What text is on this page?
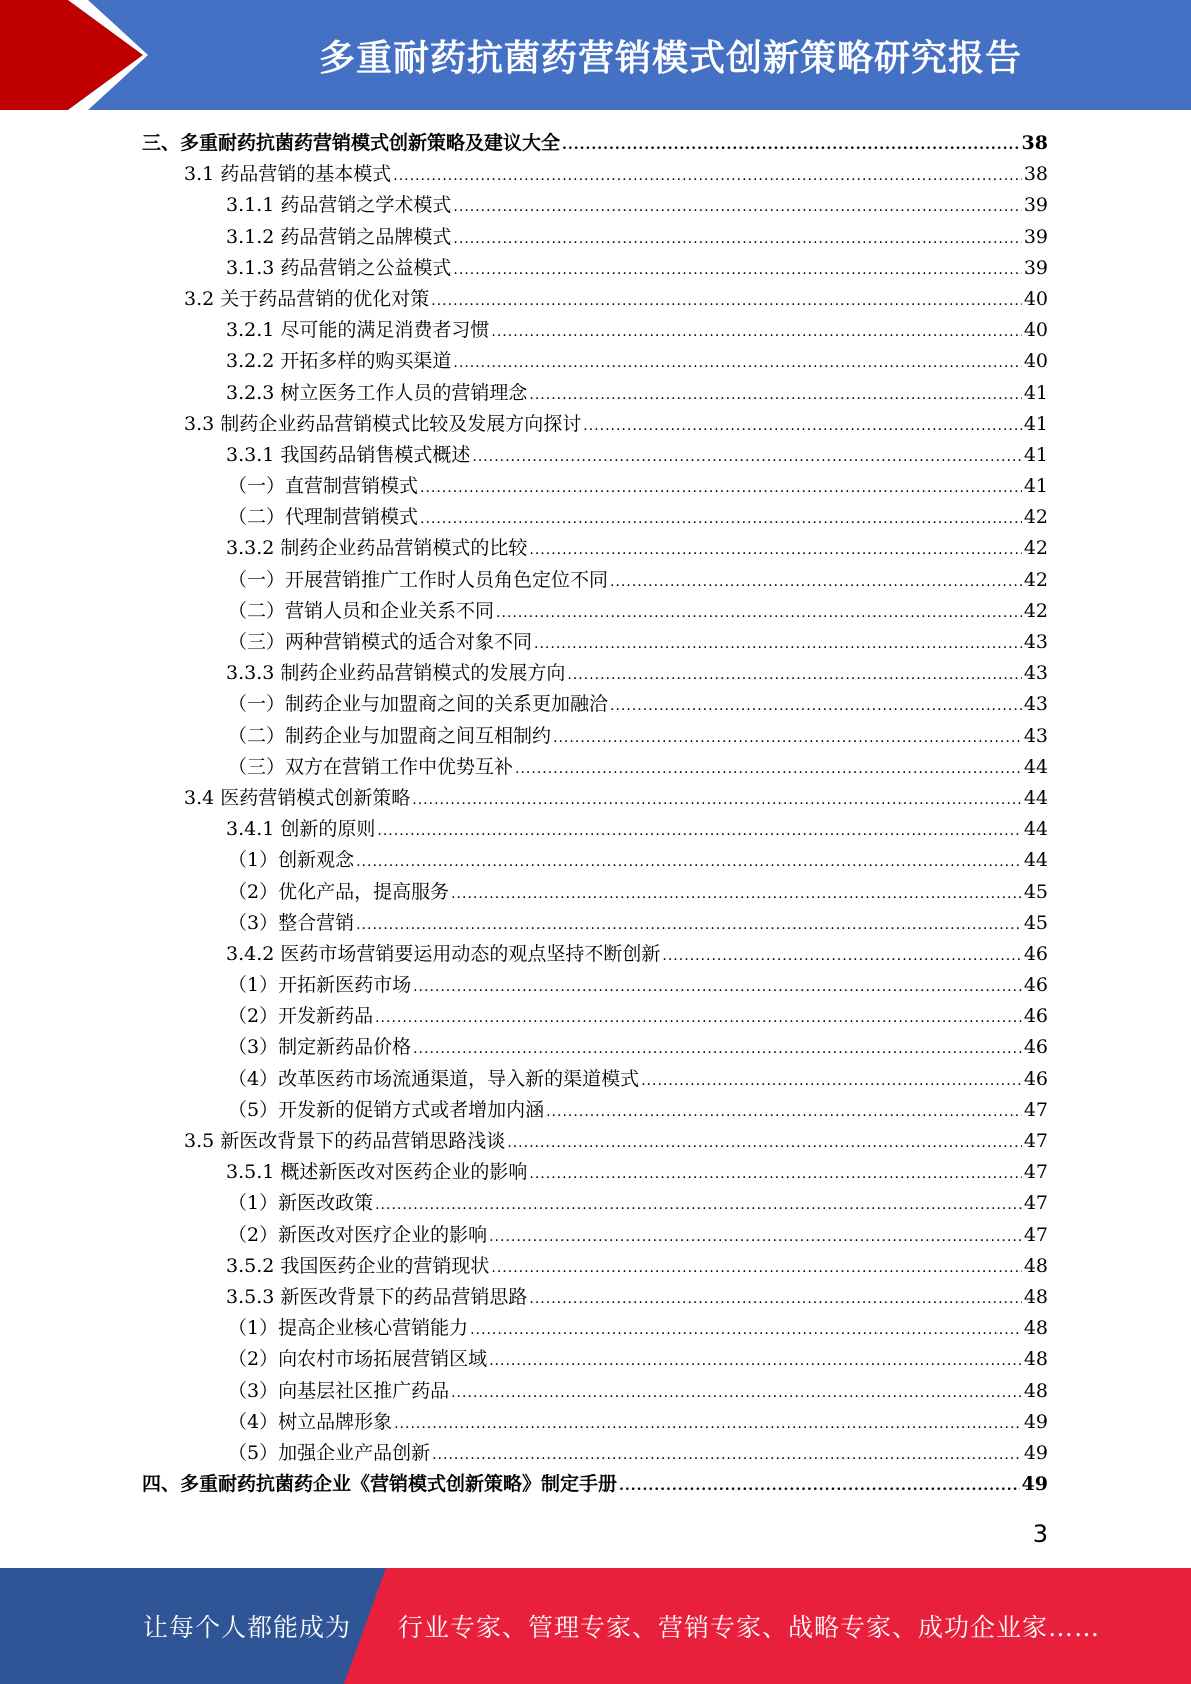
多重耐药抗菌药营销模式创新策略研究报告
三、多重耐药抗菌药营销模式创新策略及建议大全 .....	38
3.1 药品营销的基本模式 .....	38
3.1.1 药品营销之学术模式 .....	39
3.1.2 药品营销之品牌模式 .....	39
3.1.3 药品营销之公益模式 .....	39
3.2 关于药品营销的优化对策 .....	40
3.2.1 尽可能的满足消费者习惯 .....	40
3.2.2 开拓多样的购买渠道 .....	40
3.2.3 树立医务工作人员的营销理念 .....	41
3.3 制药企业药品营销模式比较及发展方向探讨 .....	41
3.3.1 我国药品销售模式概述 .....	41
（一）直营制营销模式 .....	41
（二）代理制营销模式 .....	42
3.3.2 制药企业药品营销模式的比较 .....	42
（一）开展营销推广工作时人员角色定位不同 .....	42
（二）营销人员和企业关系不同 .....	42
（三）两种营销模式的适合对象不同 .....	43
3.3.3 制药企业药品营销模式的发展方向 .....	43
（一）制药企业与加盟商之间的关系更加融洽 .....	43
（二）制药企业与加盟商之间互相制约 .....	43
（三）双方在营销工作中优势互补 .....	44
3.4 医药营销模式创新策略 .....	44
3.4.1 创新的原则 .....	44
（1）创新观念 .....	44
（2）优化产品，提高服务 .....	45
（3）整合营销 .....	45
3.4.2 医药市场营销要运用动态的观点坚持不断创新 .....	46
（1）开拓新医药市场 .....	46
（2）开发新药品 .....	46
（3）制定新药品价格 .....	46
（4）改革医药市场流通渠道，导入新的渠道模式 .....	46
（5）开发新的促销方式或者增加内涵 .....	47
3.5 新医改背景下的药品营销思路浅谈 .....	47
3.5.1 概述新医改对医药企业的影响 .....	47
（1）新医改政策 .....	47
（2）新医改对医疗企业的影响 .....	47
3.5.2 我国医药企业的营销现状 .....	48
3.5.3 新医改背景下的药品营销思路 .....	48
（1）提高企业核心营销能力 .....	48
（2）向农村市场拓展营销区域 .....	48
（3）向基层社区推广药品 .....	48
（4）树立品牌形象 .....	49
（5）加强企业产品创新 .....	49
四、多重耐药抗菌药企业《营销模式创新策略》制定手册 .....	49
3
让每个人都能成为 行业专家、管理专家、营销专家、战略专家、成功企业家……
